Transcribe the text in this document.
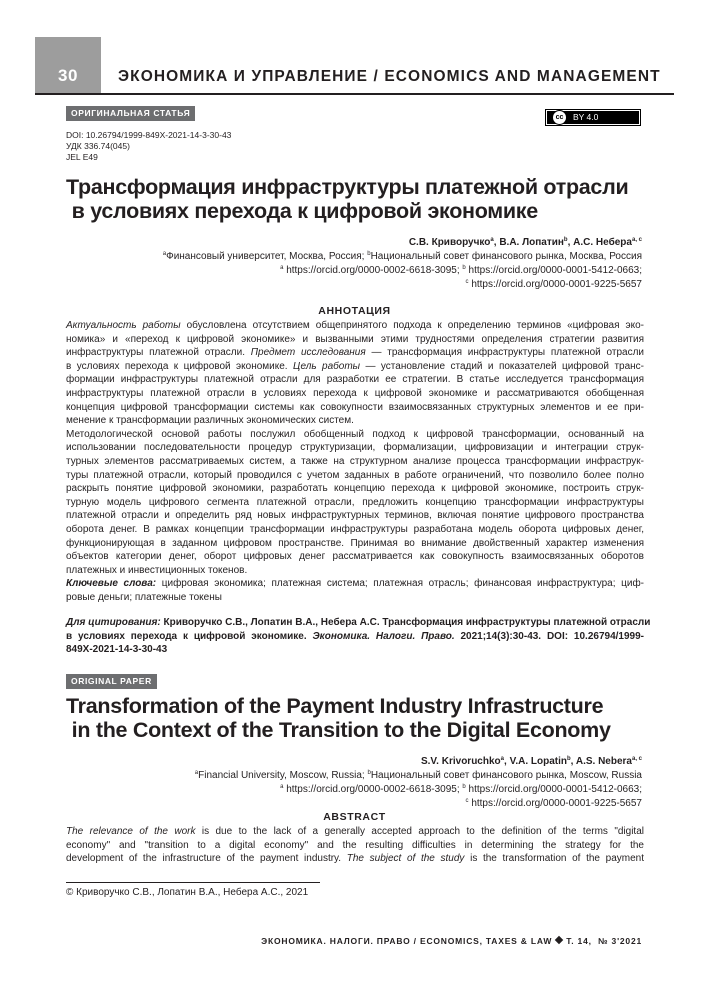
30	ЭКОНОМИКА И УПРАВЛЕНИЕ / ECONOMICS AND MANAGEMENT
ОРИГИНАЛЬНАЯ СТАТЬЯ	cc	BY 4.0
DOI: 10.26794/1999-849X-2021-14-3-30-43
УДК 336.74(045)
JEL E49
Трансформация инфраструктуры платежной отрасли
в условиях перехода к цифровой экономике
С.В. Криворучко$^a$, В.А. Лопатин$^b$, А.С. Небера$^{a, c}$
$^a$Финансовый университет, Москва, Россия; $^b$Национальный совет финансового рынка, Москва, Россия
$^a$ https://orcid.org/0000-0002-6618-3095; $^b$ https://orcid.org/0000-0001-5412-0663;
$^c$ https://orcid.org/0000-0001-9225-5657
АННОТАЦИЯ
Актуальность работы обусловлена отсутствием общепринятого подхода к определению терминов «цифровая эко-
номика» и «переход к цифровой экономике» и вызванными этими трудностями определения стратегии развития
инфраструктуры платежной отрасли. Предмет исследования — трансформация инфраструктуры платежной отрасли
в условиях перехода к цифровой экономике. Цель работы — установление стадий и показателей цифровой транс-
формации инфраструктуры платежной отрасли для разработки ее стратегии. В статье исследуется трансформация
инфраструктуры платежной отрасли в условиях перехода к цифровой экономике и рассматриваются обобщенная
концепция цифровой трансформации системы как совокупности взаимосвязанных структурных элементов и ее при-
менение к трансформации различных экономических систем.
Методологической основой работы послужил обобщенный подход к цифровой трансформации, основанный на
использовании последовательности процедур структуризации, формализации, цифровизации и интеграции струк-
турных элементов рассматриваемых систем, а также на структурном анализе процесса трансформации инфраструк-
туры платежной отрасли, который проводился с учетом заданных в работе ограничений, что позволило более полно
раскрыть понятие цифровой экономики, разработать концепцию перехода к цифровой экономике, построить струк-
турную модель цифрового сегмента платежной отрасли, предложить концепцию трансформации инфраструктуры
платежной отрасли и определить ряд новых инфраструктурных терминов, включая понятие цифрового пространства
оборота денег. В рамках концепции трансформации инфраструктуры разработана модель оборота цифровых денег,
функционирующая в заданном цифровом пространстве. Принимая во внимание двойственный характер изменения
объектов категории денег, оборот цифровых денег рассматривается как совокупность взаимосвязанных оборотов
платежных и инвестиционных токенов.
Ключевые слова: цифровая экономика; платежная система; платежная отрасль; финансовая инфраструктура; циф-
ровые деньги; платежные токены
Для цитирования: Криворучко С.В., Лопатин В.А., Небера А.С. Трансформация инфраструктуры платежной отрасли
в условиях перехода к цифровой экономике. Экономика. Налоги. Право. 2021;14(3):30-43. DOI: 10.26794/1999-
849X-2021-14-3-30-43
ORIGINAL PAPER
Transformation of the Payment Industry Infrastructure
in the Context of the Transition to the Digital Economy
S.V. Krivoruchko$^a$, V.A. Lopatin$^b$, A.S. Nebera$^{a, c}$
$^a$Financial University, Moscow, Russia; $^b$Национальный совет финансового рынка, Moscow, Russia
$^a$ https://orcid.org/0000-0002-6618-3095; $^b$ https://orcid.org/0000-0001-5412-0663;
$^c$ https://orcid.org/0000-0001-9225-5657
ABSTRACT
The relevance of the work is due to the lack of a generally accepted approach to the definition of the terms "digital
economy" and "transition to a digital economy" and the resulting difficulties in determining the strategy for the
development of the infrastructure of the payment industry. The subject of the study is the transformation of the payment
© Криворучко С.В., Лопатин В.А., Небера А.С., 2021
ЭКОНОМИКА. НАЛОГИ. ПРАВО / ECONOMICS, TAXES & LAW Т. 14,  № 3'2021
